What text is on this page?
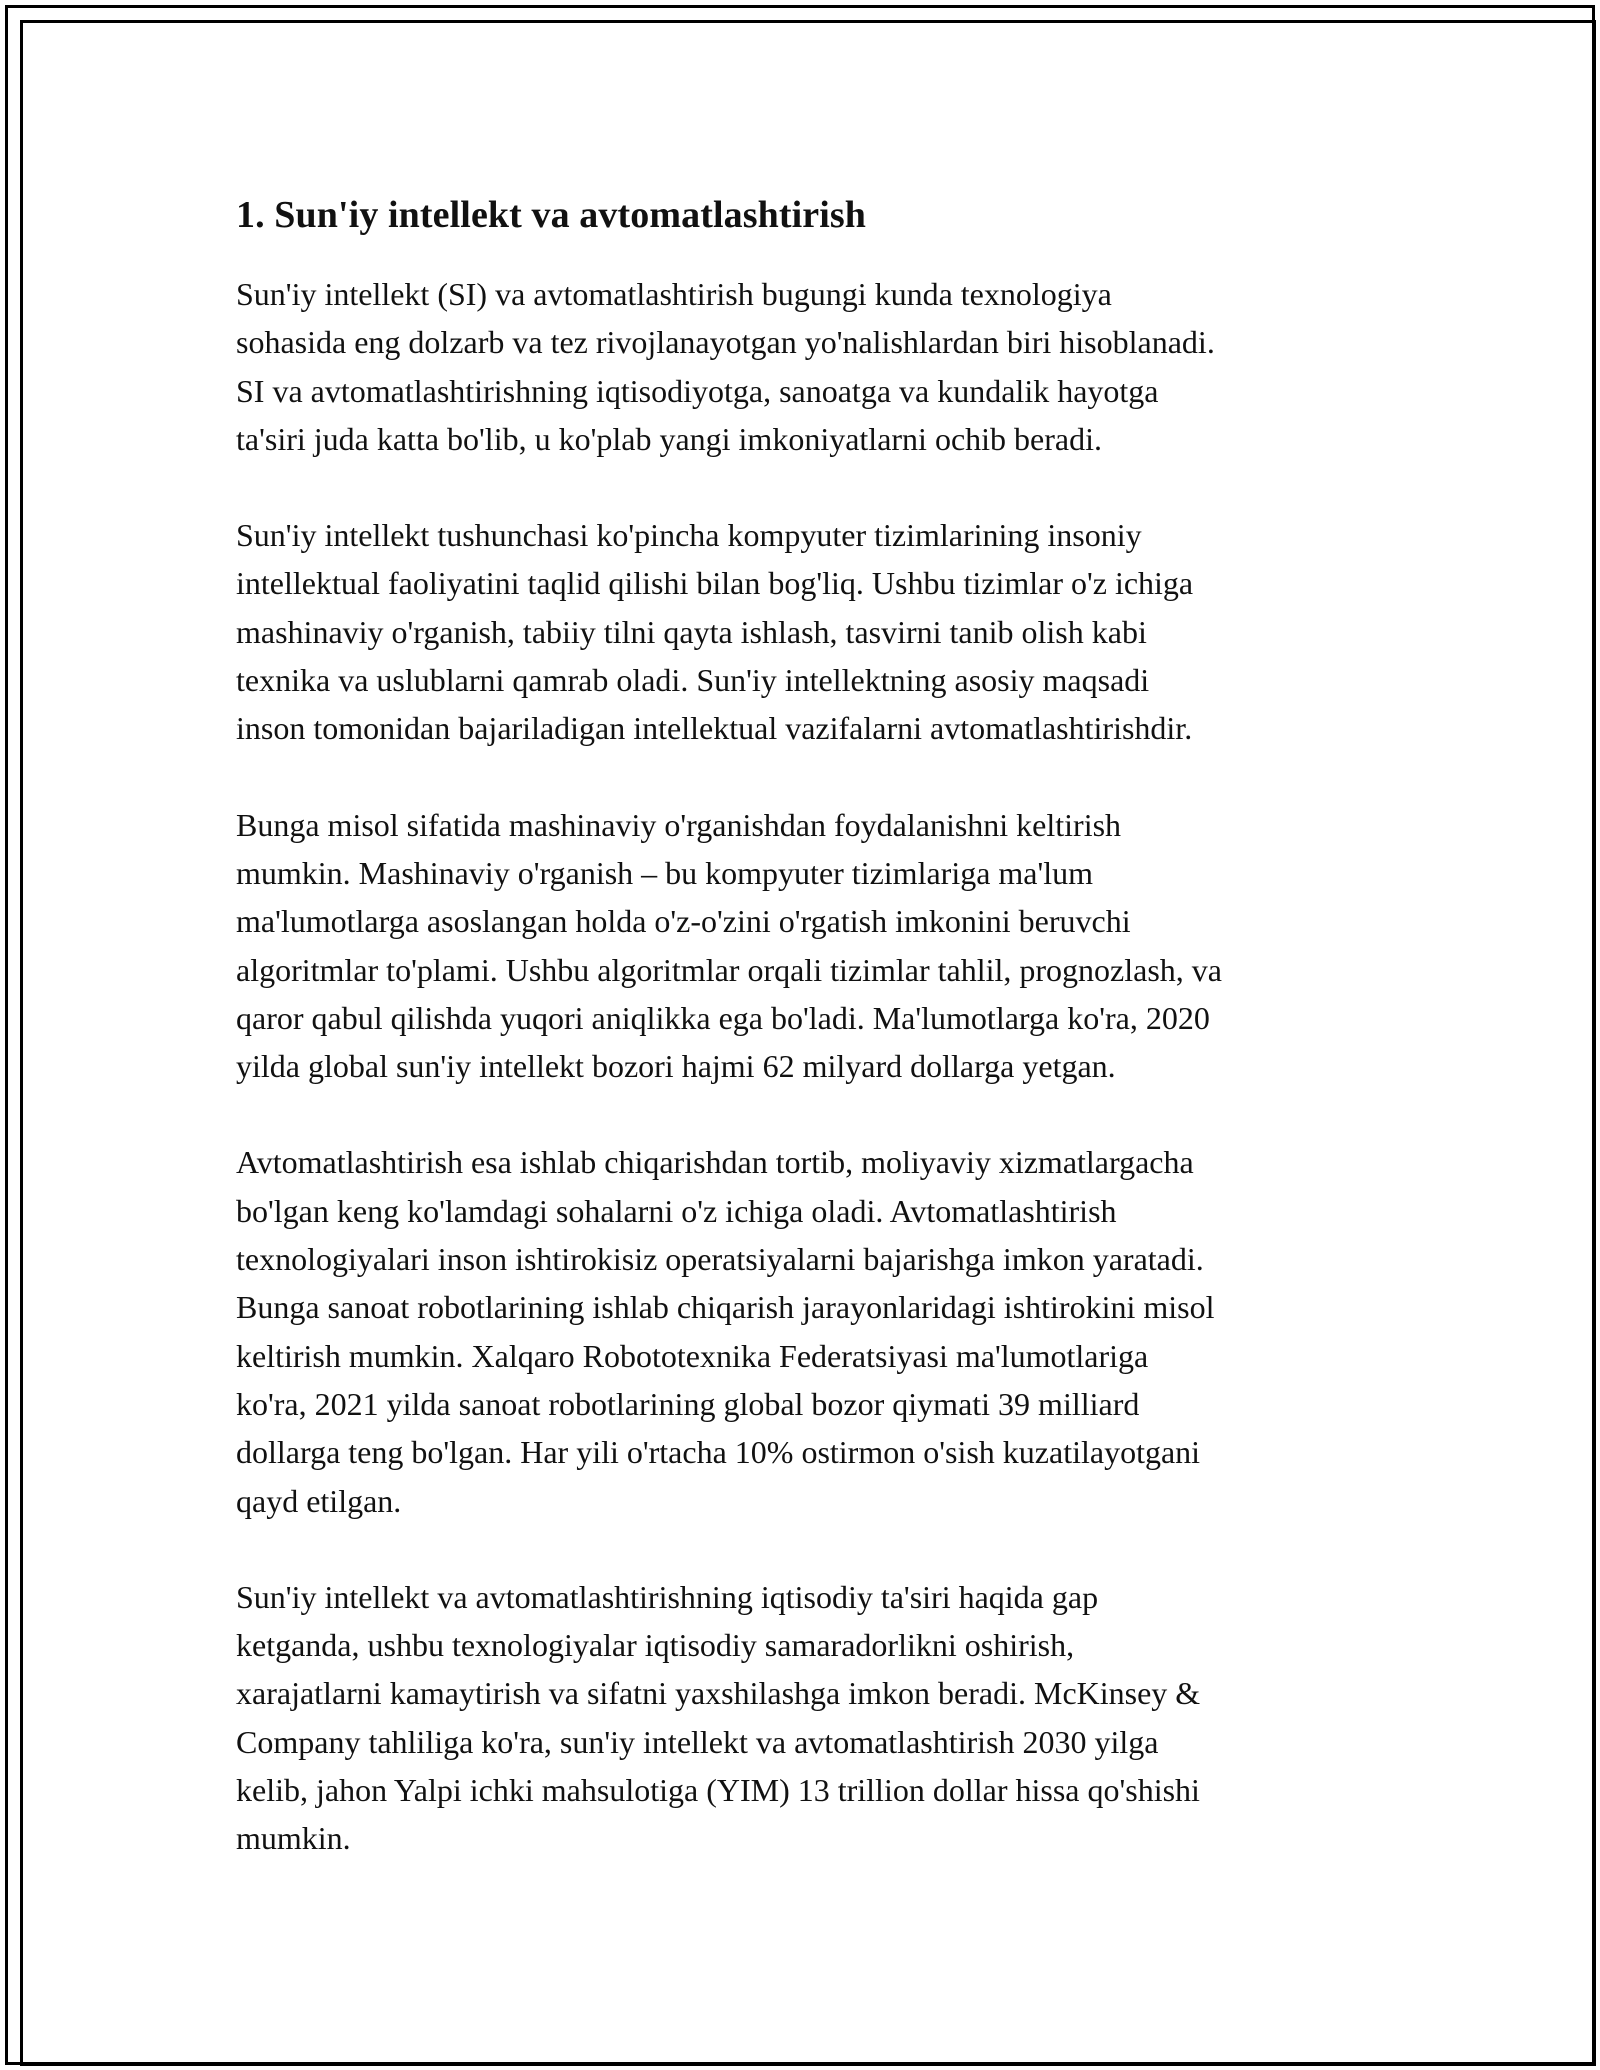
1. Sun'iy intellekt va avtomatlashtirish

Sun'iy intellekt (SI) va avtomatlashtirish bugungi kunda texnologiya
sohasida eng dolzarb va tez rivojlanayotgan yo'nalishlardan biri hisoblanadi.
SI va avtomatlashtirishning iqtisodiyotga, sanoatga va kundalik hayotga
ta'siri juda katta bo'lib, u ko'plab yangi imkoniyatlarni ochib beradi.

Sun'iy intellekt tushunchasi ko'pincha kompyuter tizimlarining insoniy
intellektual faoliyatini taqlid qilishi bilan bog'liq. Ushbu tizimlar o'z ichiga
mashinaviy o'rganish, tabiiy tilni qayta ishlash, tasvirni tanib olish kabi
texnika va uslublarni qamrab oladi. Sun'iy intellektning asosiy maqsadi
inson tomonidan bajariladigan intellektual vazifalarni avtomatlashtirishdir.

Bunga misol sifatida mashinaviy o'rganishdan foydalanishni keltirish
mumkin. Mashinaviy o'rganish – bu kompyuter tizimlariga ma'lum
ma'lumotlarga asoslangan holda o'z-o'zini o'rgatish imkonini beruvchi
algoritmlar to'plami. Ushbu algoritmlar orqali tizimlar tahlil, prognozlash, va
qaror qabul qilishda yuqori aniqlikka ega bo'ladi. Ma'lumotlarga ko'ra, 2020
yilda global sun'iy intellekt bozori hajmi 62 milyard dollarga yetgan.

Avtomatlashtirish esa ishlab chiqarishdan tortib, moliyaviy xizmatlargacha
bo'lgan keng ko'lamdagi sohalarni o'z ichiga oladi. Avtomatlashtirish
texnologiyalari inson ishtirokisiz operatsiyalarni bajarishga imkon yaratadi.
Bunga sanoat robotlarining ishlab chiqarish jarayonlaridagi ishtirokini misol
keltirish mumkin. Xalqaro Robototexnika Federatsiyasi ma'lumotlariga
ko'ra, 2021 yilda sanoat robotlarining global bozor qiymati 39 milliard
dollarga teng bo'lgan. Har yili o'rtacha 10% ostirmon o'sish kuzatilayotgani
qayd etilgan.

Sun'iy intellekt va avtomatlashtirishning iqtisodiy ta'siri haqida gap
ketganda, ushbu texnologiyalar iqtisodiy samaradorlikni oshirish,
xarajatlarni kamaytirish va sifatni yaxshilashga imkon beradi. McKinsey &
Company tahliliga ko'ra, sun'iy intellekt va avtomatlashtirish 2030 yilga
kelib, jahon Yalpi ichki mahsulotiga (YIM) 13 trillion dollar hissa qo'shishi
mumkin.
